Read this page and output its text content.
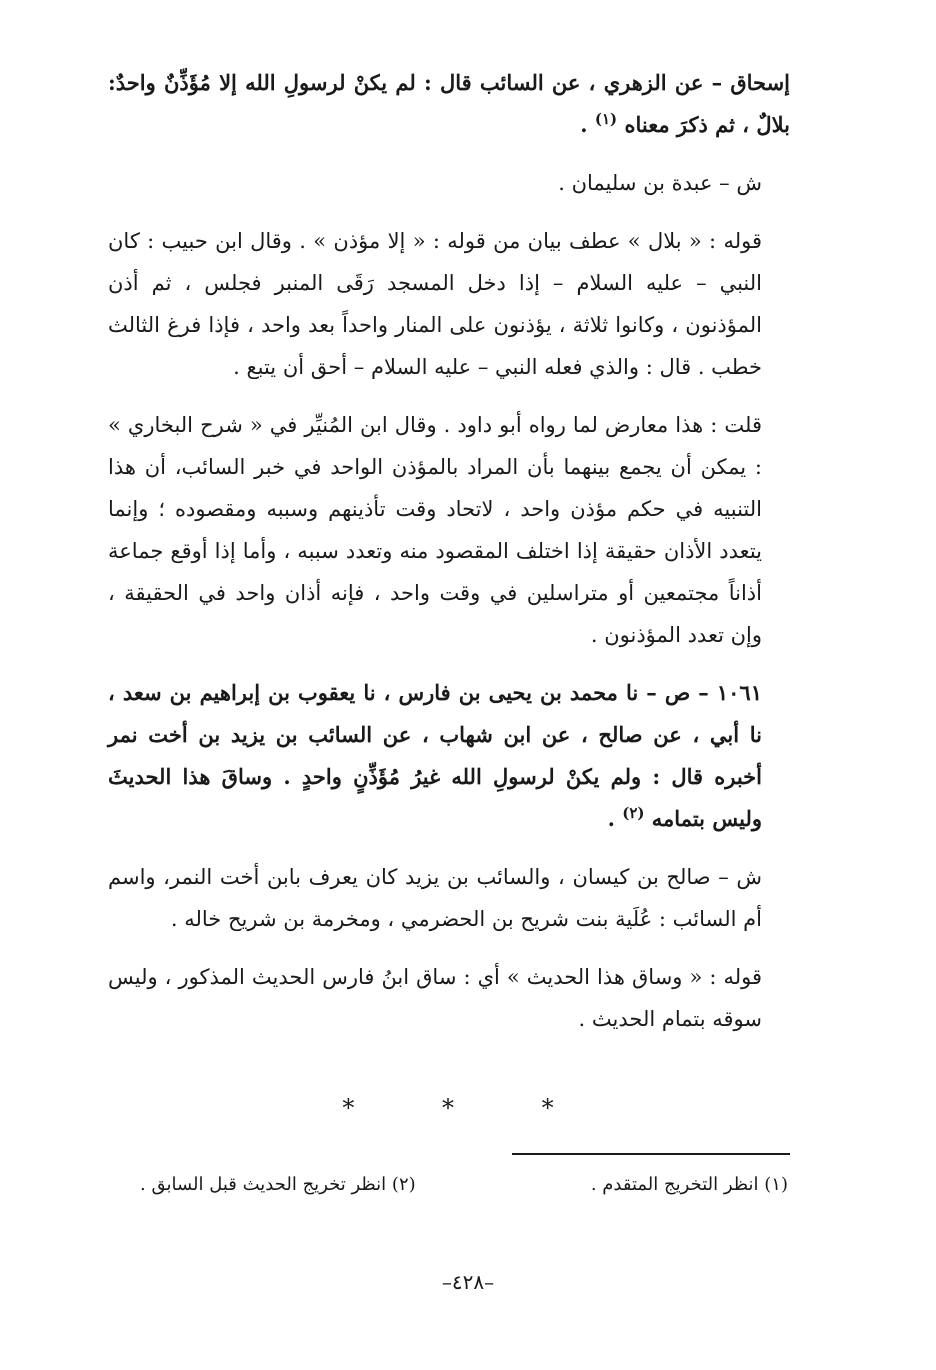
إسحاق – عن الزهري ، عن السائب قال : لم يكنْ لرسولِ الله إلا مُؤَذِّنٌ واحدٌ: بلالٌ ، ثم ذكرَ معناه $^{(١)}$ .

ش – عبدة بن سليمان .

قوله : « بلال » عطف بيان من قوله : « إلا مؤذن » . وقال ابن حبيب : كان النبي – عليه السلام – إذا دخل المسجد رَقَى المنبر فجلس ، ثم أذن المؤذنون ، وكانوا ثلاثة ، يؤذنون على المنار واحداً بعد واحد ، فإذا فرغ الثالث خطب . قال : والذي فعله النبي – عليه السلام – أحق أن يتبع .

قلت : هذا معارض لما رواه أبو داود . وقال ابن المُنيِّر في « شرح البخاري » : يمكن أن يجمع بينهما بأن المراد بالمؤذن الواحد في خبر السائب، أن هذا التنبيه في حكم مؤذن واحد ، لاتحاد وقت تأذينهم وسببه ومقصوده ؛ وإنما يتعدد الأذان حقيقة إذا اختلف المقصود منه وتعدد سببه ، وأما إذا أوقع جماعة أذاناً مجتمعين أو متراسلين في وقت واحد ، فإنه أذان واحد في الحقيقة ، وإن تعدد المؤذنون .

١٠٦١ – ص – نا محمد بن يحيى بن فارس ، نا يعقوب بن إبراهيم بن سعد ، نا أبي ، عن صالح ، عن ابن شهاب ، عن السائب بن يزيد بن أخت نمر أخبره قال : ولم يكنْ لرسولِ الله غيرُ مُؤَذِّنٍ واحدٍ . وساقَ هذا الحديثَ وليس بتمامه $^{(٢)}$ .

ش – صالح بن كيسان ، والسائب بن يزيد كان يعرف بابن أخت النمر، واسم أم السائب : عُلَية بنت شريح بن الحضرمي ، ومخرمة بن شريح خاله .

قوله : « وساق هذا الحديث » أي : ساق ابنُ فارس الحديث المذكور ، وليس سوقه بتمام الحديث .

* * *
(١) انظر التخريج المتقدم .
(٢) انظر تخريج الحديث قبل السابق .
–٤٢٨–
